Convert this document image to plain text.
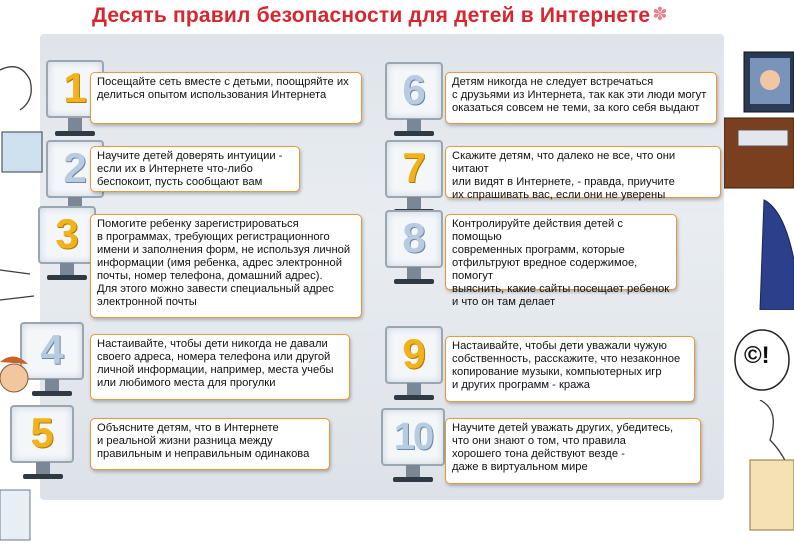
Десять правил безопасности для детей в Интернете ✽
1
2
3
4
5
6
7
8
9
10
Посещайте сеть вместе с детьми, поощряйте их
делиться опытом использования Интернета
Научите детей доверять интуиции -
если их в Интернете что-либо
беспокоит, пусть сообщают вам
Помогите ребенку зарегистрироваться
в программах, требующих регистрационного
имени и заполнения форм, не используя личной
информации (имя ребенка, адрес электронной
почты, номер телефона, домашний адрес).
Для этого можно завести специальный адрес
электронной почты
Настаивайте, чтобы дети никогда не давали
своего адреса, номера телефона или другой
личной информации, например, места учебы
или любимого места для прогулки
Объясните детям, что в Интернете
и реальной жизни разница между
правильным и неправильным одинакова
Детям никогда не следует встречаться
с друзьями из Интернета, так как эти люди могут
оказаться совсем не теми, за кого себя выдают
Скажите детям, что далеко не все, что они читают
или видят в Интернете, - правда, приучите
их спрашивать вас, если они не уверены
Контролируйте действия детей с помощью
современных программ, которые
отфильтруют вредное содержимое, помогут
выяснить, какие сайты посещает ребенок
и что он там делает
Настаивайте, чтобы дети уважали чужую
собственность, расскажите, что незаконное
копирование музыки, компьютерных игр
и других программ - кража
Научите детей уважать других, убедитесь,
что они знают о том, что правила
хорошего тона действуют везде -
даже в виртуальном мире
©!
